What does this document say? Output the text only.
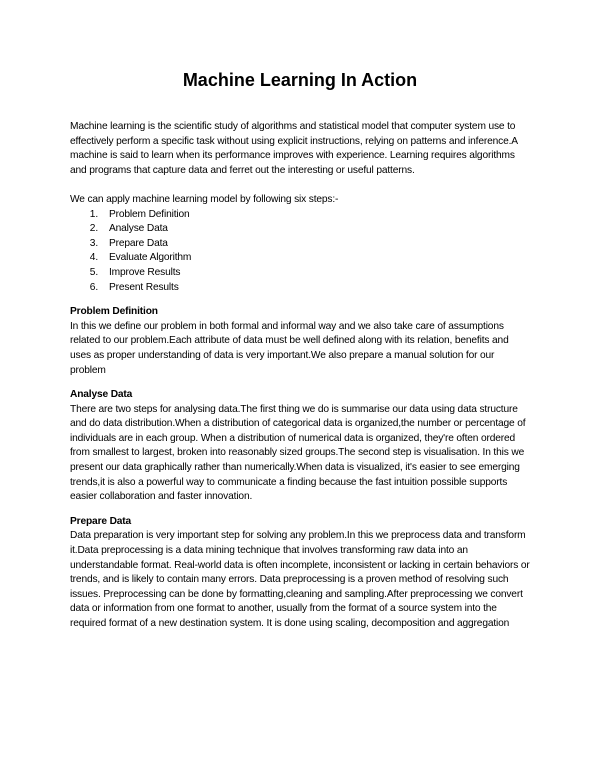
Machine Learning In Action

Machine learning is the scientific study of algorithms and statistical model that computer system use to effectively perform a specific task without using explicit instructions, relying on patterns and inference.A machine is said to learn when its performance improves with experience. Learning requires algorithms and programs that capture data and ferret out the interesting or useful patterns.

We can apply machine learning model by following six steps:-

Problem Definition
Analyse Data
Prepare Data
Evaluate Algorithm
Improve Results
Present Results

Problem Definition

In this we define our problem in both formal and informal way and we also take care of assumptions related to our problem.Each attribute of data must be well defined along with its relation, benefits and uses as proper understanding of data is very important.We also prepare a manual solution for our problem

Analyse Data

There are two steps for analysing data.The first thing we do is summarise our data using data structure and do data distribution.When a distribution of categorical data is organized,the number or percentage of individuals are in each group. When a distribution of numerical data is organized, they're often ordered from smallest to largest, broken into reasonably sized groups.The second step is visualisation. In this we present our data graphically rather than numerically.When data is visualized, it's easier to see emerging trends,it is also a powerful way to communicate a finding because the fast intuition possible supports easier collaboration and faster innovation.

Prepare Data

Data preparation is very important step for solving any problem.In this we preprocess data and transform it.Data preprocessing is a data mining technique that involves transforming raw data into an understandable format. Real-world data is often incomplete, inconsistent or lacking in certain behaviors or trends, and is likely to contain many errors. Data preprocessing is a proven method of resolving such issues. Preprocessing can be done by formatting,cleaning and sampling.After preprocessing we convert data or information from one format to another, usually from the format of a source system into the required format of a new destination system. It is done using scaling, decomposition and aggregation
